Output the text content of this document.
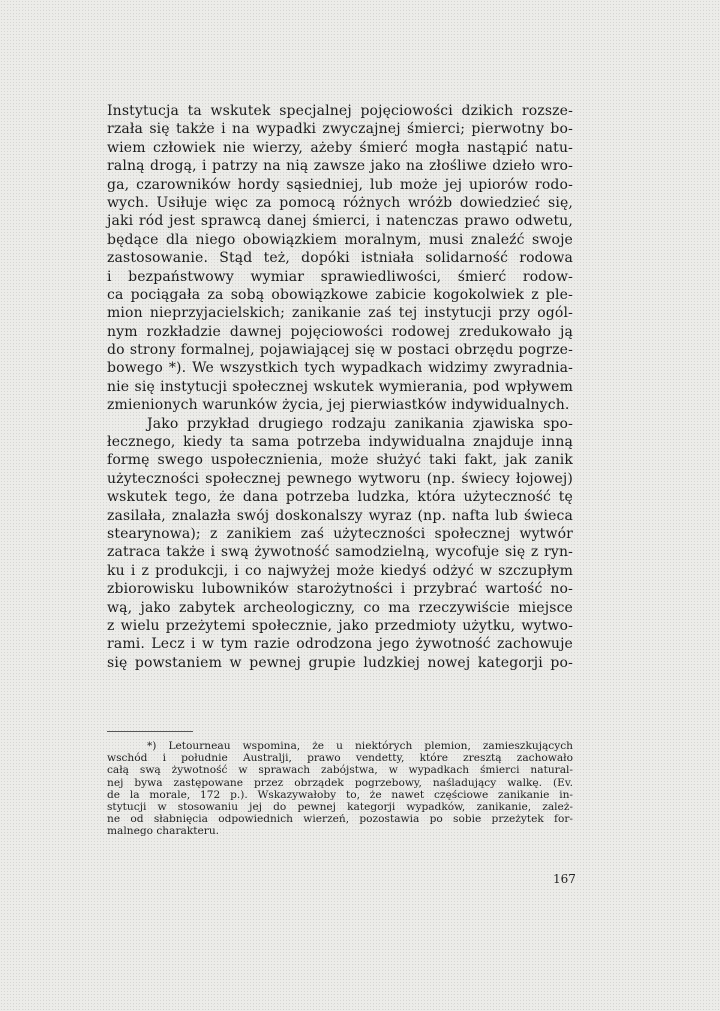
Instytucja ta wskutek specjalnej pojęciowości dzikich rozsze-
rzała się także i na wypadki zwyczajnej śmierci; pierwotny bo-
wiem człowiek nie wierzy, ażeby śmierć mogła nastąpić natu-
ralną drogą, i patrzy na nią zawsze jako na złośliwe dzieło wro-
ga, czarowników hordy sąsiedniej, lub może jej upiorów rodo-
wych. Usiłuje więc za pomocą różnych wróżb dowiedzieć się,
jaki ród jest sprawcą danej śmierci, i natenczas prawo odwetu,
będące dla niego obowiązkiem moralnym, musi znaleźć swoje
zastosowanie. Stąd też, dopóki istniała solidarność rodowa
i bezpaństwowy wymiar sprawiedliwości, śmierć rodow-
ca pociągała za sobą obowiązkowe zabicie kogokolwiek z ple-
mion nieprzyjacielskich; zanikanie zaś tej instytucji przy ogól-
nym rozkładzie dawnej pojęciowości rodowej zredukowało ją
do strony formalnej, pojawiającej się w postaci obrzędu pogrze-
bowego *). We wszystkich tych wypadkach widzimy zwyradnia-
nie się instytucji społecznej wskutek wymierania, pod wpływem
zmienionych warunków życia, jej pierwiastków indywidualnych.
Jako przykład drugiego rodzaju zanikania zjawiska spo-
łecznego, kiedy ta sama potrzeba indywidualna znajduje inną
formę swego uspołecznienia, może służyć taki fakt, jak zanik
użyteczności społecznej pewnego wytworu (np. świecy łojowej)
wskutek tego, że dana potrzeba ludzka, która użyteczność tę
zasilała, znalazła swój doskonalszy wyraz (np. nafta lub świeca
stearynowa); z zanikiem zaś użyteczności społecznej wytwór
zatraca także i swą żywotność samodzielną, wycofuje się z ryn-
ku i z produkcji, i co najwyżej może kiedyś odżyć w szczupłym
zbiorowisku lubowników starożytności i przybrać wartość no-
wą, jako zabytek archeologiczny, co ma rzeczywiście miejsce
z wielu przeżytemi społecznie, jako przedmioty użytku, wytwo-
rami. Lecz i w tym razie odrodzona jego żywotność zachowuje
się powstaniem w pewnej grupie ludzkiej nowej kategorji po-
*) Letourneau wspomina, że u niektórych plemion, zamieszkujących
wschód i południe Australji, prawo vendetty, które zresztą zachowało
całą swą żywotność w sprawach zabójstwa, w wypadkach śmierci natural-
nej bywa zastępowane przez obrządek pogrzebowy, naśladujący walkę. (Ev.
de la morale, 172 p.). Wskazywałoby to, że nawet częściowe zanikanie in-
stytucji w stosowaniu jej do pewnej kategorji wypadków, zanikanie, zależ-
ne od słabnięcia odpowiednich wierzeń, pozostawia po sobie przeżytek for-
malnego charakteru.
167
